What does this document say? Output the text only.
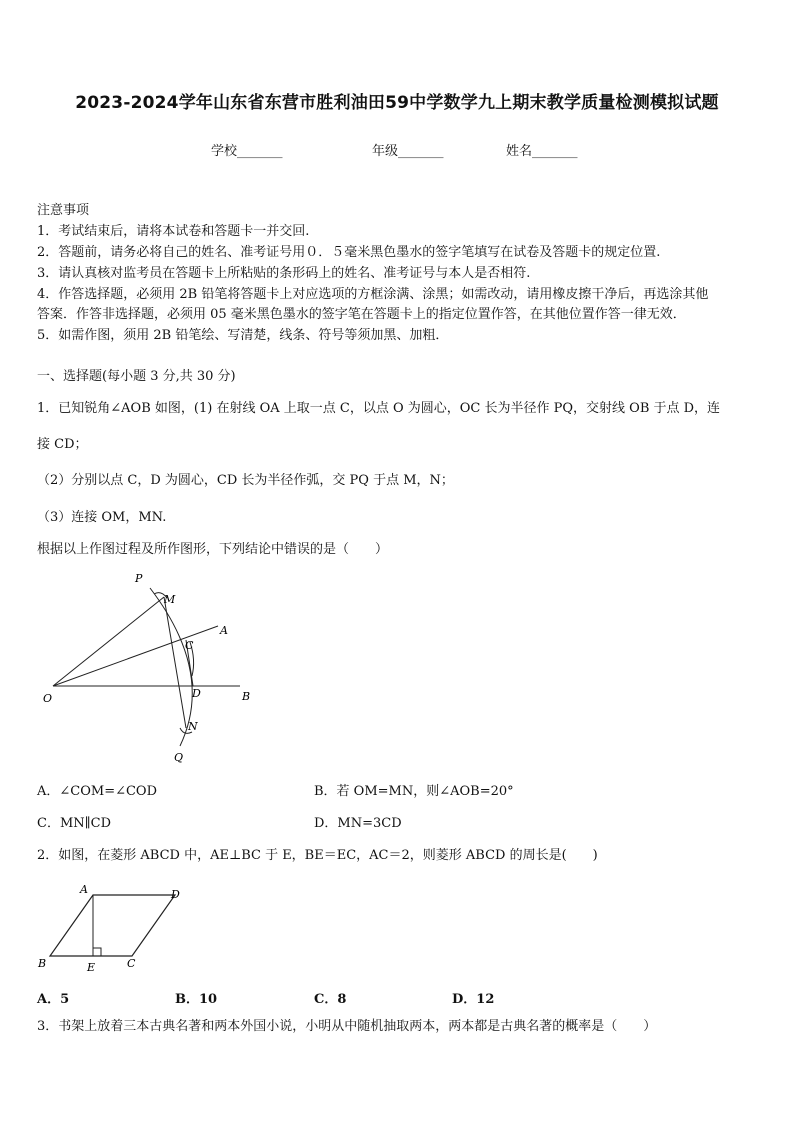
2023-2024学年山东省东营市胜利油田59中学数学九上期末教学质量检测模拟试题
学校_______	年级_______	姓名_______
注意事项
1．考试结束后，请将本试卷和答题卡一并交回.
2．答题前，请务必将自己的姓名、准考证号用０．５毫米黑色墨水的签字笔填写在试卷及答题卡的规定位置.
3．请认真核对监考员在答题卡上所粘贴的条形码上的姓名、准考证号与本人是否相符.
4．作答选择题，必须用 2B 铅笔将答题卡上对应选项的方框涂满、涂黑；如需改动，请用橡皮擦干净后，再选涂其他
答案．作答非选择题，必须用 05 毫米黑色墨水的签字笔在答题卡上的指定位置作答，在其他位置作答一律无效．
5．如需作图，须用 2B 铅笔绘、写清楚，线条、符号等须加黑、加粗．
一、选择题(每小题 3 分,共 30 分)
1．已知锐角∠AOB 如图，(1) 在射线 OA 上取一点 C，以点 O 为圆心，OC 长为半径作 PQ，交射线 OB 于点 D，连
接 CD；
（2）分别以点 C，D 为圆心，CD 长为半径作弧，交 PQ 于点 M，N；
（3）连接 OM，MN.
根据以上作图过程及所作图形，下列结论中错误的是（　　）
P
M
A
C
O	D	B
N
Q
A．∠COM=∠COD	B．若 OM=MN，则∠AOB=20°
C．MN∥CD	D．MN=3CD
2．如图，在菱形 ABCD 中，AE⊥BC 于 E，BE＝EC，AC＝2，则菱形 ABCD 的周长是(　　)
A	D
B	E	C
A．5	B．10	C．8	D．12
3．书架上放着三本古典名著和两本外国小说，小明从中随机抽取两本，两本都是古典名著的概率是（　　）
